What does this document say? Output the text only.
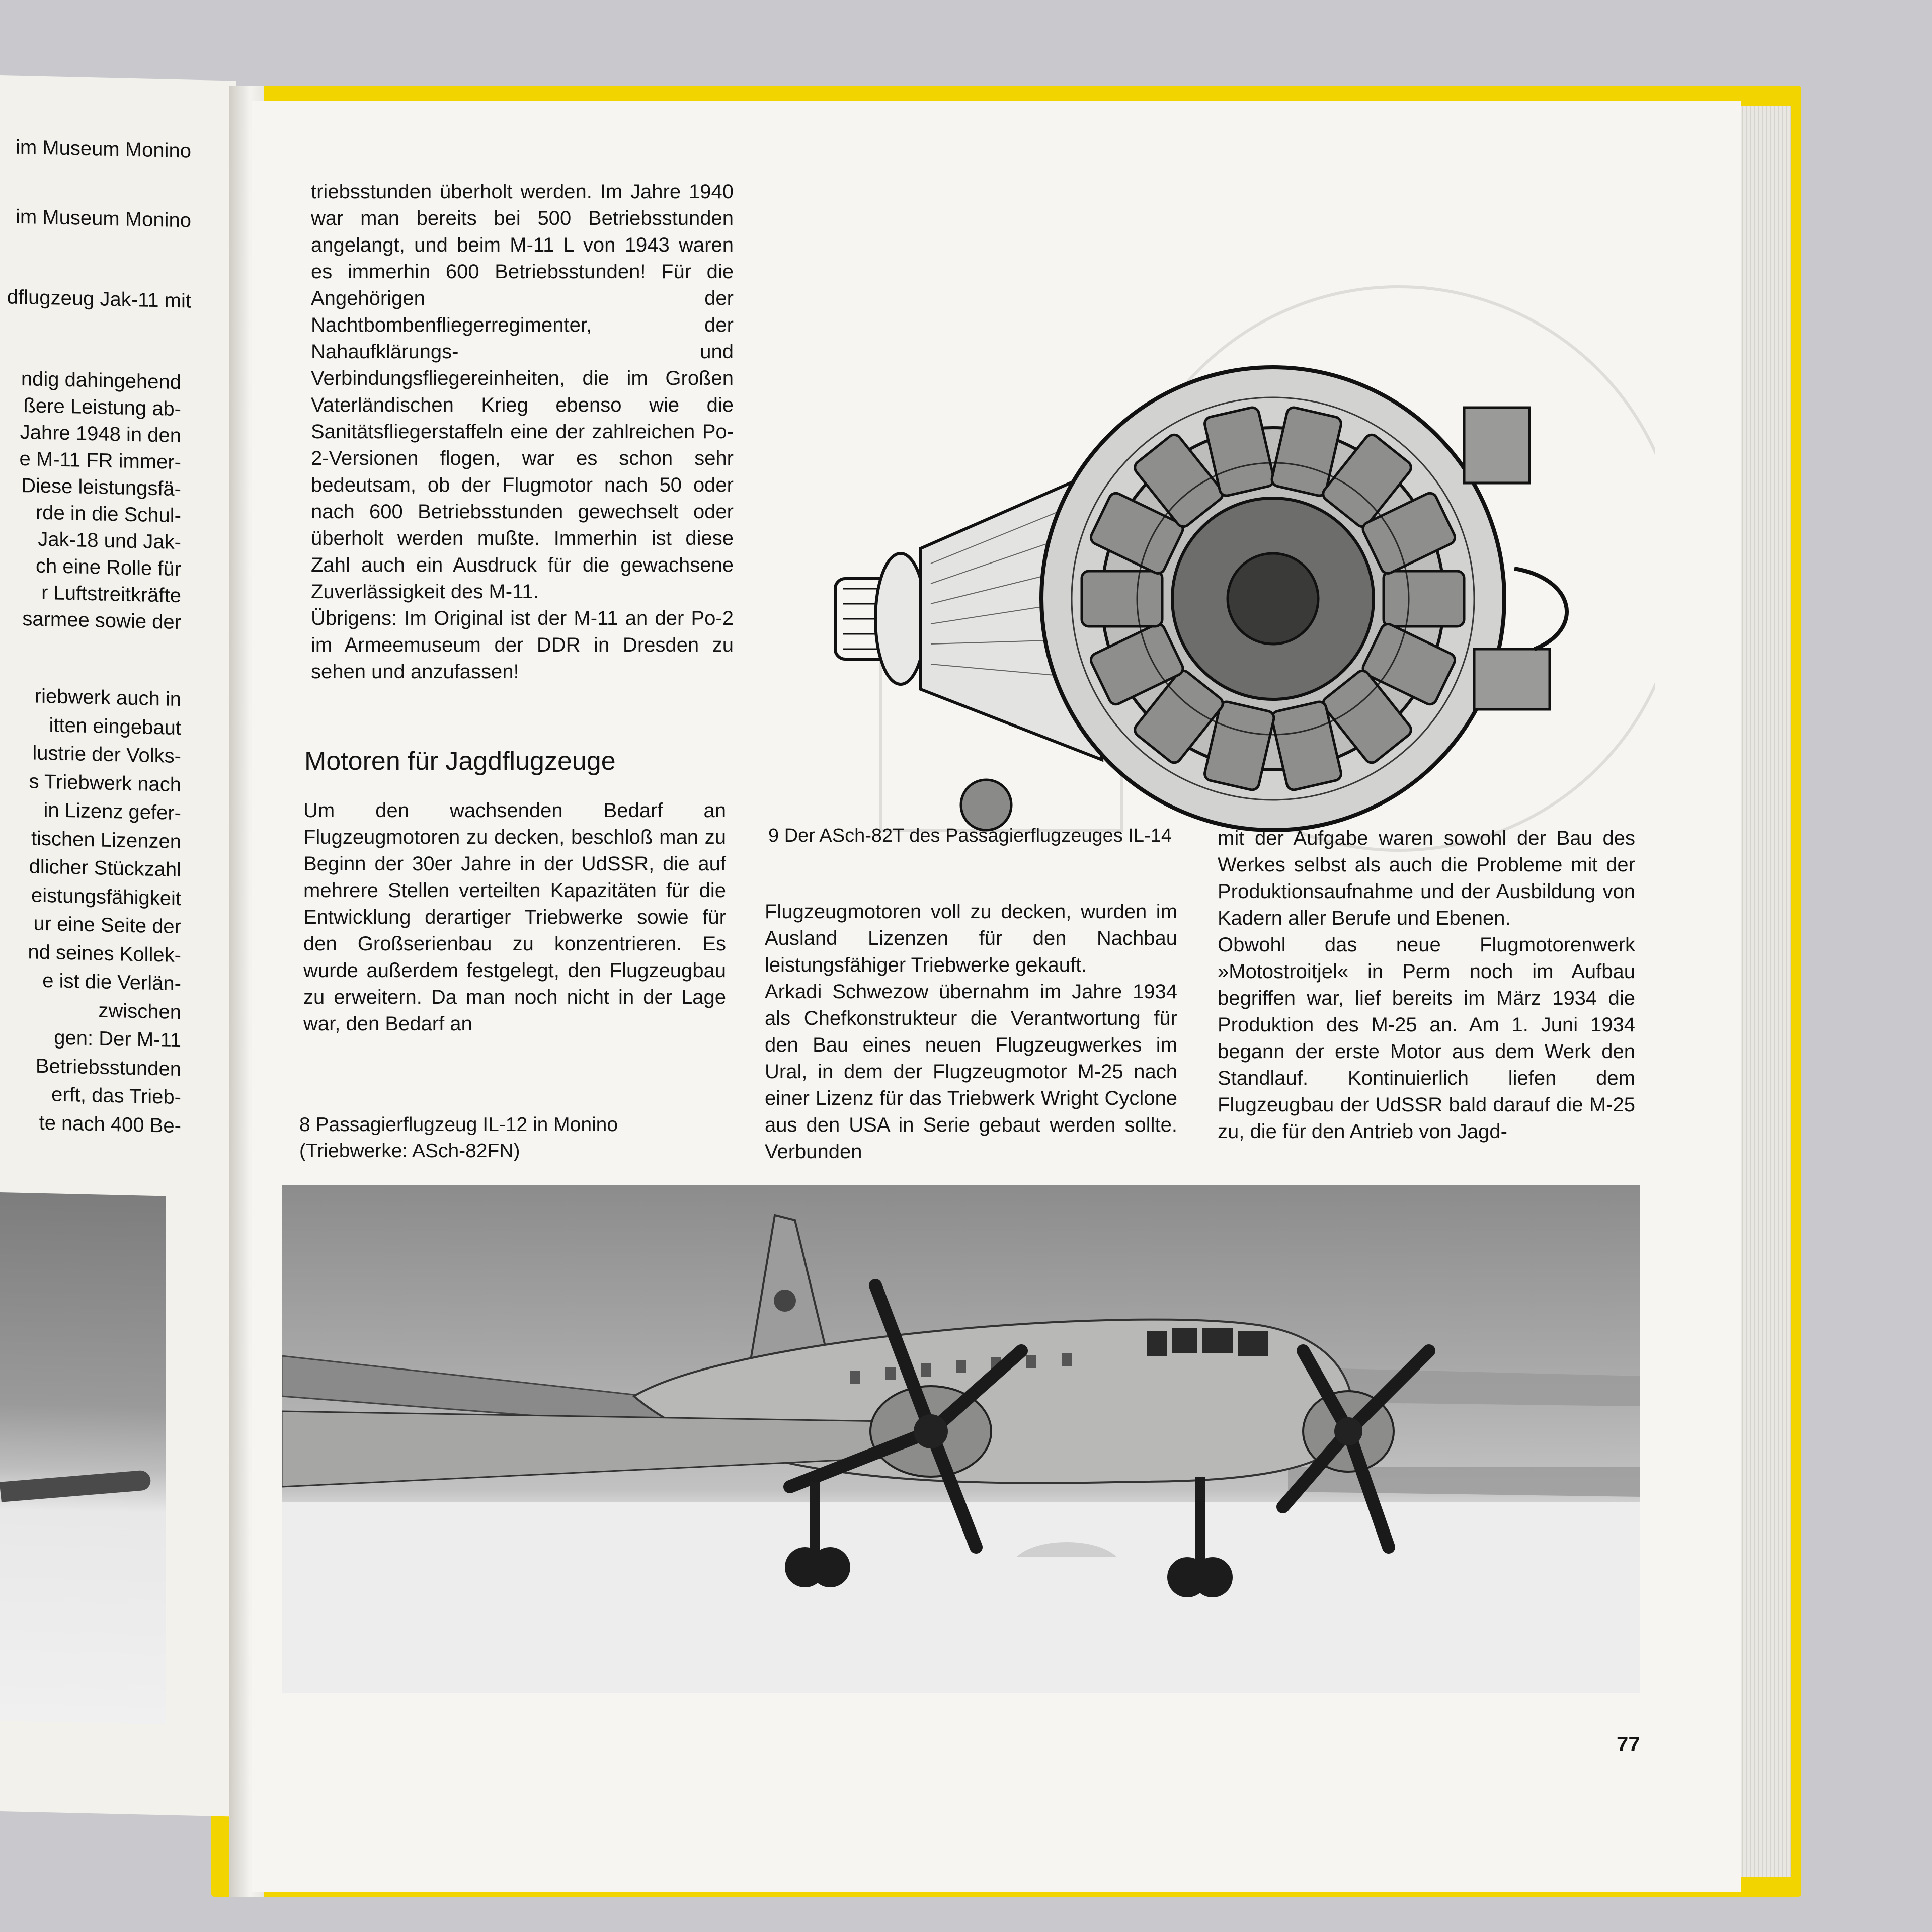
im Museum Monino
im Museum Monino
dflugzeug Jak-11 mit
ndig dahingehend
ßere Leistung ab-
Jahre 1948 in den
e M-11 FR immer-
Diese leistungsfä-
rde in die Schul-
Jak-18 und Jak-
ch eine Rolle für
r Luftstreitkräfte
sarmee sowie der
riebwerk auch in
itten eingebaut
lustrie der Volks-
s Triebwerk nach
in Lizenz gefer-
tischen Lizenzen
dlicher Stückzahl
eistungsfähigkeit
ur eine Seite der
nd seines Kollek-
e ist die Verlän-
zwischen
gen: Der M-11
Betriebsstunden
erft, das Trieb-
te nach 400 Be-

triebsstunden überholt werden. Im Jahre 1940 war man bereits bei 500 Betriebsstunden angelangt, und beim M-11 L von 1943 waren es immerhin 600 Betriebsstunden! Für die Angehörigen der Nachtbombenfliegerregimenter, der Nahaufklärungs- und Verbindungsfliegereinheiten, die im Großen Vaterländischen Krieg ebenso wie die Sanitätsfliegerstaffeln eine der zahlreichen Po-2-Versionen flogen, war es schon sehr bedeutsam, ob der Flugmotor nach 50 oder nach 600 Betriebsstunden gewechselt oder überholt werden mußte. Immerhin ist diese Zahl auch ein Ausdruck für die gewachsene Zuverlässigkeit des M-11.

Übrigens: Im Original ist der M-11 an der Po-2 im Armeemuseum der DDR in Dresden zu sehen und anzufassen!

Motoren für Jagdflugzeuge

Um den wachsenden Bedarf an Flugzeugmotoren zu decken, beschloß man zu Beginn der 30er Jahre in der UdSSR, die auf mehrere Stellen verteilten Kapazitäten für die Entwicklung derartiger Triebwerke sowie für den Großserienbau zu konzentrieren. Es wurde außerdem festgelegt, den Flugzeugbau zu erweitern. Da man noch nicht in der Lage war, den Bedarf an

8 Passagierflugzeug IL-12 in Monino (Triebwerke: ASch-82FN)
9 Der ASch-82T des Passagierflugzeuges IL-14

Flugzeugmotoren voll zu decken, wurden im Ausland Lizenzen für den Nachbau leistungsfähiger Triebwerke gekauft.

Arkadi Schwezow übernahm im Jahre 1934 als Chefkonstrukteur die Verantwortung für den Bau eines neuen Flugzeugwerkes im Ural, in dem der Flugzeugmotor M-25 nach einer Lizenz für das Triebwerk Wright Cyclone aus den USA in Serie gebaut werden sollte. Verbunden

mit der Aufgabe waren sowohl der Bau des Werkes selbst als auch die Probleme mit der Produktionsaufnahme und der Ausbildung von Kadern aller Berufe und Ebenen.

Obwohl das neue Flugmotorenwerk »Motostroitjel« in Perm noch im Aufbau begriffen war, lief bereits im März 1934 die Produktion des M-25 an. Am 1. Juni 1934 begann der erste Motor aus dem Werk den Standlauf. Kontinuierlich liefen dem Flugzeugbau der UdSSR bald darauf die M-25 zu, die für den Antrieb von Jagd-

77
